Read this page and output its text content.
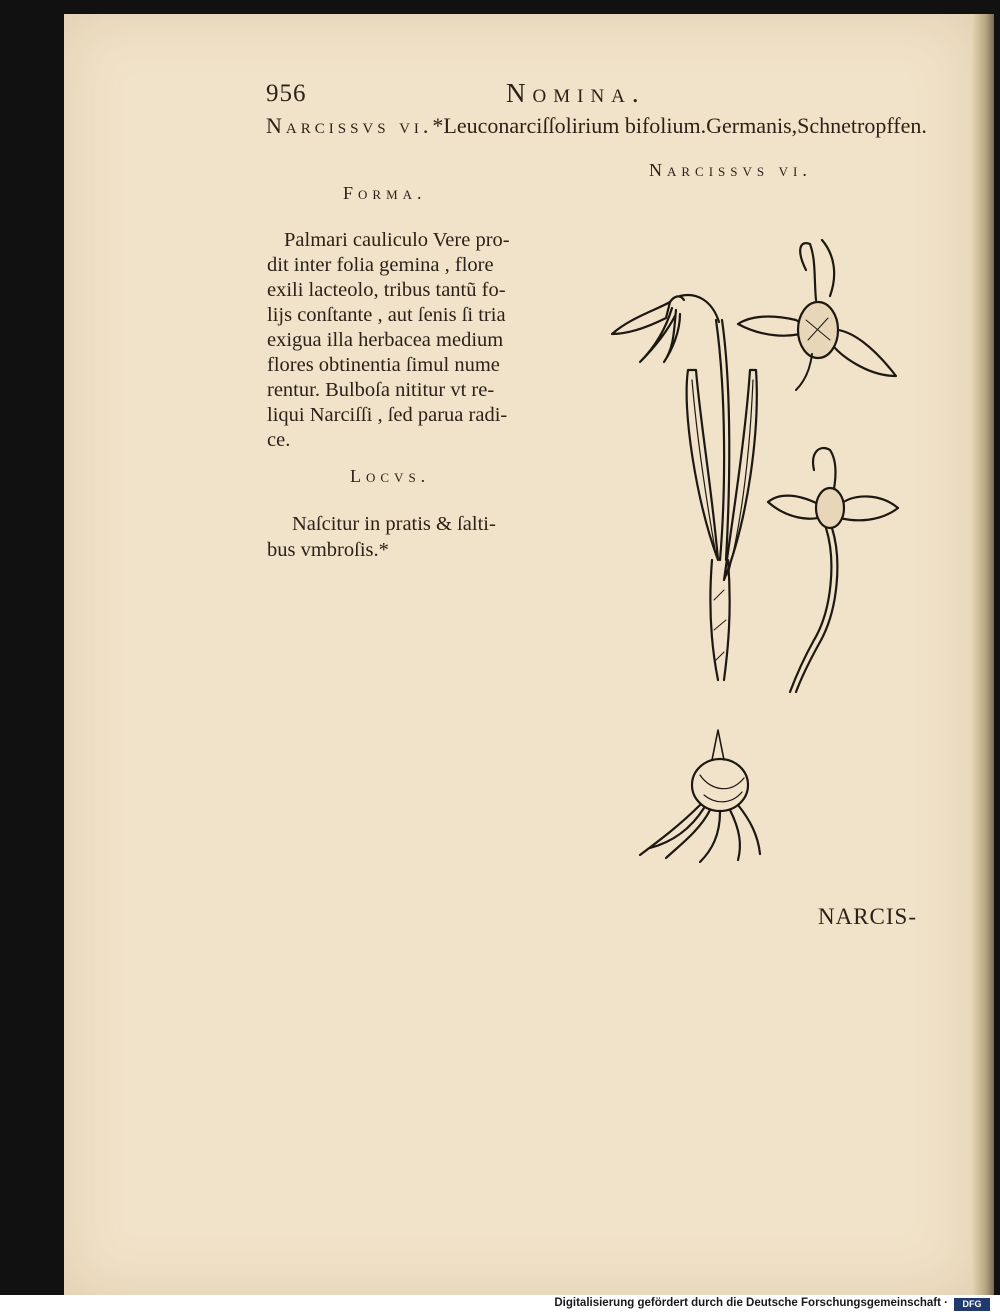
956	Nomina.
Narcissvs vi.*Leuconarciſſolirium bifolium.Germanis,Schnetropffen.
Narcissvs vi.
Forma.
Palmari cauliculo Vere pro-
dit inter folia gemina , flore
exili lacteolo, tribus tantũ fo-
lijs conſtante , aut ſenis ſi tria
exigua illa herbacea medium
flores obtinentia ſimul nume
rentur. Bulboſa nititur vt re-
liqui Narciſſi , ſed parua radi-
ce.
Locvs.
Naſcitur in pratis & ſalti-
bus vmbroſis.*
NARCIS-
Digitalisierung gefördert durch die Deutsche Forschungsgemeinschaft ·	DFG
